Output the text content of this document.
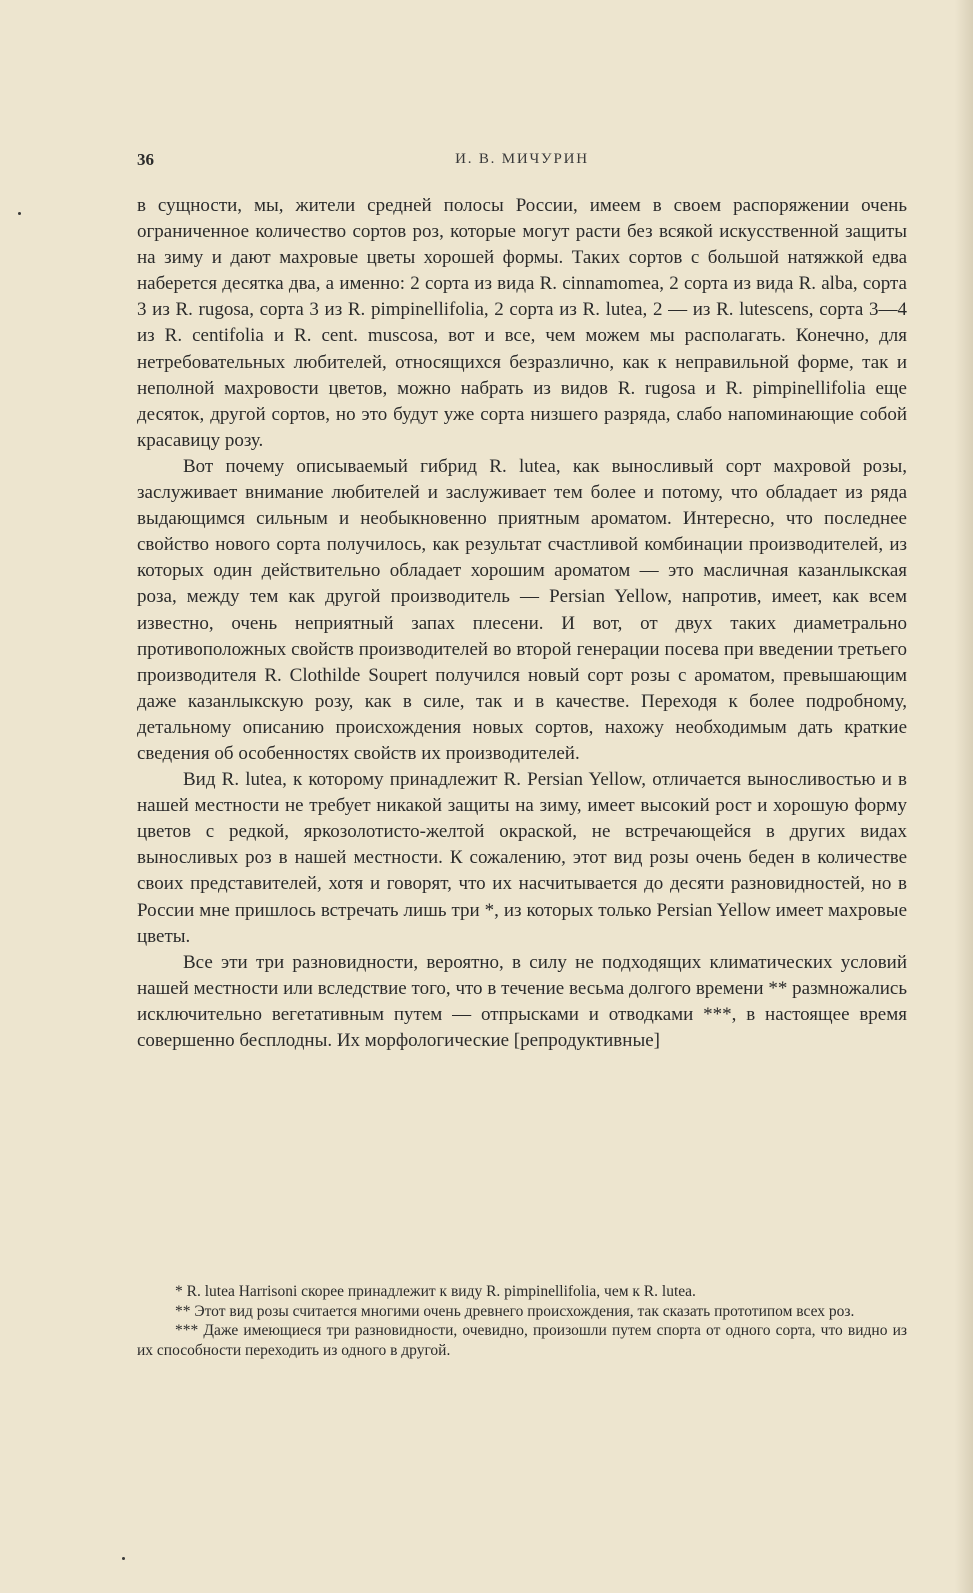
36	И. В. МИЧУРИН

в сущности, мы, жители средней полосы России, имеем в своем распоряжении очень ограниченное количество сортов роз, которые могут расти без всякой искусственной защиты на зиму и дают махровые цветы хорошей формы. Таких сортов с большой натяжкой едва наберется десятка два, а именно: 2 сорта из вида R. cinnamomea, 2 сорта из вида R. alba, сорта 3 из R. rugosa, сорта 3 из R. pimpinellifolia, 2 сорта из R. lutea, 2 — из R. lutescens, сорта 3—4 из R. centifolia и R. cent. muscosa, вот и все, чем можем мы располагать. Конечно, для нетребовательных любителей, относящихся безразлично, как к неправильной форме, так и неполной махровости цветов, можно набрать из видов R. rugosa и R. pimpinellifolia еще десяток, другой сортов, но это будут уже сорта низшего разряда, слабо напоминающие собой красавицу розу.

Вот почему описываемый гибрид R. lutea, как выносливый сорт махровой розы, заслуживает внимание любителей и заслуживает тем более и потому, что обладает из ряда выдающимся сильным и необыкновенно приятным ароматом. Интересно, что последнее свойство нового сорта получилось, как результат счастливой комбинации производителей, из которых один действительно обладает хорошим ароматом — это масличная казанлыкская роза, между тем как другой производитель — Persian Yellow, напротив, имеет, как всем известно, очень неприятный запах плесени. И вот, от двух таких диаметрально противоположных свойств производителей во второй генерации посева при введении третьего производителя R. Clothilde Soupert получился новый сорт розы с ароматом, превышающим даже казанлыкскую розу, как в силе, так и в качестве. Переходя к более подробному, детальному описанию происхождения новых сортов, нахожу необходимым дать краткие сведения об особенностях свойств их производителей.

Вид R. lutea, к которому принадлежит R. Persian Yellow, отличается выносливостью и в нашей местности не требует никакой защиты на зиму, имеет высокий рост и хорошую форму цветов с редкой, яркозолотисто-желтой окраской, не встречающейся в других видах выносливых роз в нашей местности. К сожалению, этот вид розы очень беден в количестве своих представителей, хотя и говорят, что их насчитывается до десяти разновидностей, но в России мне пришлось встречать лишь три *, из которых только Persian Yellow имеет махровые цветы.

Все эти три разновидности, вероятно, в силу не подходящих климатических условий нашей местности или вследствие того, что в течение весьма долгого времени ** размножались исключительно вегетативным путем — отпрысками и отводками ***, в настоящее время совершенно бесплодны. Их морфологические [репродуктивные]

* R. lutea Harrisoni скорее принадлежит к виду R. pimpinellifolia, чем к R. lutea.

** Этот вид розы считается многими очень древнего происхождения, так сказать прототипом всех роз.

*** Даже имеющиеся три разновидности, очевидно, произошли путем спорта от одного сорта, что видно из их способности переходить из одного в другой.
